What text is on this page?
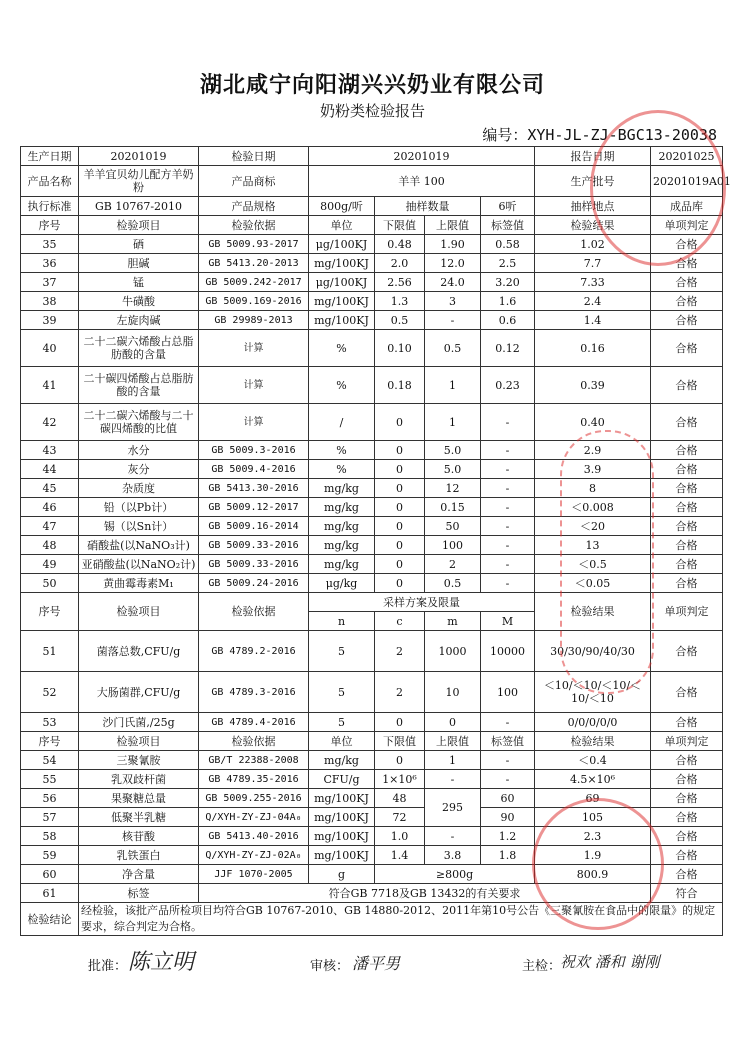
湖北咸宁向阳湖兴兴奶业有限公司
奶粉类检验报告
编号：XYH-JL-ZJ-BGC13-20038
生产日期	20201019	检验日期	20201019				报告日期	20201025
产品名称	羊羊宜贝幼儿配方羊奶粉	产品商标	羊羊 100				生产批号	20201019A01
执行标准	GB 10767-2010	产品规格	800g/听	抽样数量		6听	抽样地点	成品库
序号	检验项目	检验依据	单位	下限值	上限值	标签值	检验结果	单项判定
35	硒	GB 5009.93-2017	μg/100KJ	0.48	1.90	0.58	1.02	合格
36	胆碱	GB 5413.20-2013	mg/100KJ	2.0	12.0	2.5	7.7	合格
37	锰	GB 5009.242-2017	μg/100KJ	2.56	24.0	3.20	7.33	合格
38	牛磺酸	GB 5009.169-2016	mg/100KJ	1.3	3	1.6	2.4	合格
39	左旋肉碱	GB 29989-2013	mg/100KJ	0.5	-	0.6	1.4	合格
40	二十二碳六烯酸占总脂肪酸的含量	计算	%	0.10	0.5	0.12	0.16	合格
41	二十碳四烯酸占总脂肪酸的含量	计算	%	0.18	1	0.23	0.39	合格
42	二十二碳六烯酸与二十碳四烯酸的比值	计算	/	0	1	-	0.40	合格
43	水分	GB 5009.3-2016	%	0	5.0	-	2.9	合格
44	灰分	GB 5009.4-2016	%	0	5.0	-	3.9	合格
45	杂质度	GB 5413.30-2016	mg/kg	0	12	-	8	合格
46	铅（以Pb计）	GB 5009.12-2017	mg/kg	0	0.15	-	＜0.008	合格
47	锡（以Sn计）	GB 5009.16-2014	mg/kg	0	50	-	＜20	合格
48	硝酸盐(以NaNO₃计)	GB 5009.33-2016	mg/kg	0	100	-	13	合格
49	亚硝酸盐(以NaNO₂计)	GB 5009.33-2016	mg/kg	0	2	-	＜0.5	合格
50	黄曲霉毒素M₁	GB 5009.24-2016	μg/kg	0	0.5	-	＜0.05	合格
序号	检验项目	检验依据	采样方案及限量				检验结果	单项判定
			n	c	m	M		
51	菌落总数,CFU/g	GB 4789.2-2016	5	2	1000	10000	30/30/90/40/30	合格
52	大肠菌群,CFU/g	GB 4789.3-2016	5	2	10	100	＜10/＜10/＜10/＜10/＜10	合格
53	沙门氏菌,/25g	GB 4789.4-2016	5	0	0	-	0/0/0/0/0	合格
序号	检验项目	检验依据	单位	下限值	上限值	标签值	检验结果	单项判定
54	三聚氰胺	GB/T 22388-2008	mg/kg	0	1	-	＜0.4	合格
55	乳双歧杆菌	GB 4789.35-2016	CFU/g	1×10⁶	-	-	4.5×10⁶	合格
56	果聚糖总量	GB 5009.255-2016	mg/100KJ	48	295	60	69	合格
57	低聚半乳糖	Q/XYH-ZY-ZJ-04A₀	mg/100KJ	72		90	105	合格
58	核苷酸	GB 5413.40-2016	mg/100KJ	1.0	-	1.2	2.3	合格
59	乳铁蛋白	Q/XYH-ZY-ZJ-02A₀	mg/100KJ	1.4	3.8	1.8	1.9	合格
60	净含量	JJF 1070-2005	g	≥800g			800.9	合格
61	标签	符合GB 7718及GB 13432的有关要求						符合
检验结论	经检验，该批产品所检项目均符合GB 10767-2010、GB 14880-2012、2011年第10号公告《三聚氰胺在食品中的限量》的规定要求，综合判定为合格。							
批准： 陈立明	审核： 潘平男	主检：
祝欢 潘和 谢刚
